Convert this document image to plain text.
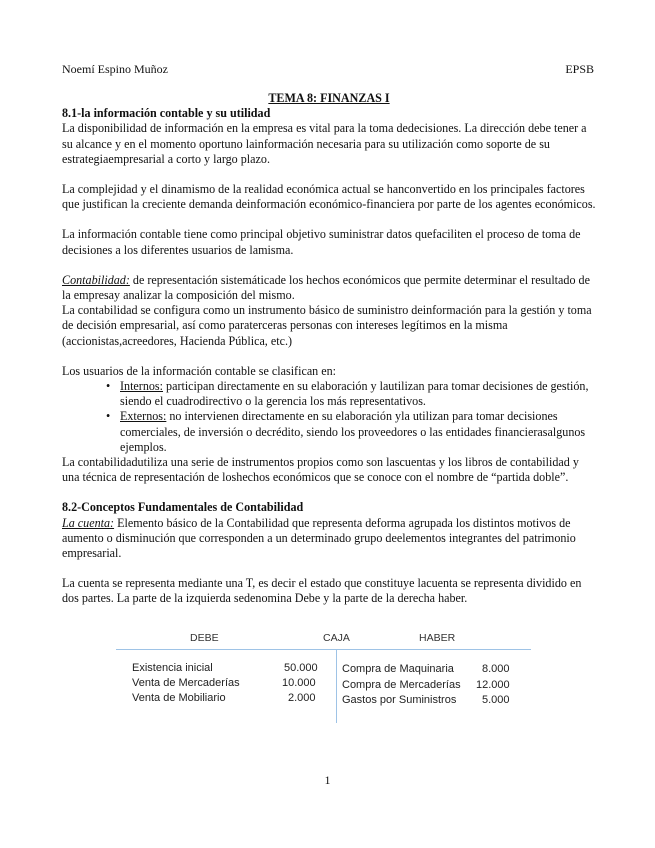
Noemí Espino Muñoz	EPSB

TEMA 8: FINANZAS I

8.1-la información contable y su utilidad

La disponibilidad de información en la empresa es vital para la toma dedecisiones. La dirección debe tener a su alcance y en el momento oportuno lainformación necesaria para su utilización como soporte de su estrategiaempresarial a corto y largo plazo.

La complejidad y el dinamismo de la realidad económica actual se hanconvertido en los principales factores que justifican la creciente demanda deinformación económico-financiera por parte de los agentes económicos.

La información contable tiene como principal objetivo suministrar datos quefaciliten el proceso de toma de decisiones a los diferentes usuarios de lamisma.

Contabilidad: de representación sistemáticade los hechos económicos que permite determinar el resultado de la empresay analizar la composición del mismo.

La contabilidad se configura como un instrumento básico de suministro deinformación para la gestión y toma de decisión empresarial, así como paraterceras personas con intereses legítimos en la misma (accionistas,acreedores, Hacienda Pública, etc.)

Los usuarios de la información contable se clasifican en:

• Internos: participan directamente en su elaboración y lautilizan para tomar decisiones de gestión, siendo el cuadrodirectivo o la gerencia los más representativos.
• Externos: no intervienen directamente en su elaboración yla utilizan para tomar decisiones comerciales, de inversión o decrédito, siendo los proveedores o las entidades financierasalgunos ejemplos.

La contabilidadutiliza una serie de instrumentos propios como son lascuentas y los libros de contabilidad y una técnica de representación de loshechos económicos que se conoce con el nombre de “partida doble”.

8.2-Conceptos Fundamentales de Contabilidad

La cuenta: Elemento básico de la Contabilidad que representa deforma agrupada los distintos motivos de aumento o disminución que corresponden a un determinado grupo deelementos integrantes del patrimonio empresarial.

La cuenta se representa mediante una T, es decir el estado que constituye lacuenta se representa dividido en dos partes. La parte de la izquierda sedenomina Debe y la parte de la derecha haber.

DEBE	CAJA	HABER
Existencia inicial	50.000
Venta de Mercaderías	10.000
Venta de Mobiliario	2.000
Compra de Maquinaria	8.000
Compra de Mercaderías 12.000
Gastos por Suministros 5.000
1
